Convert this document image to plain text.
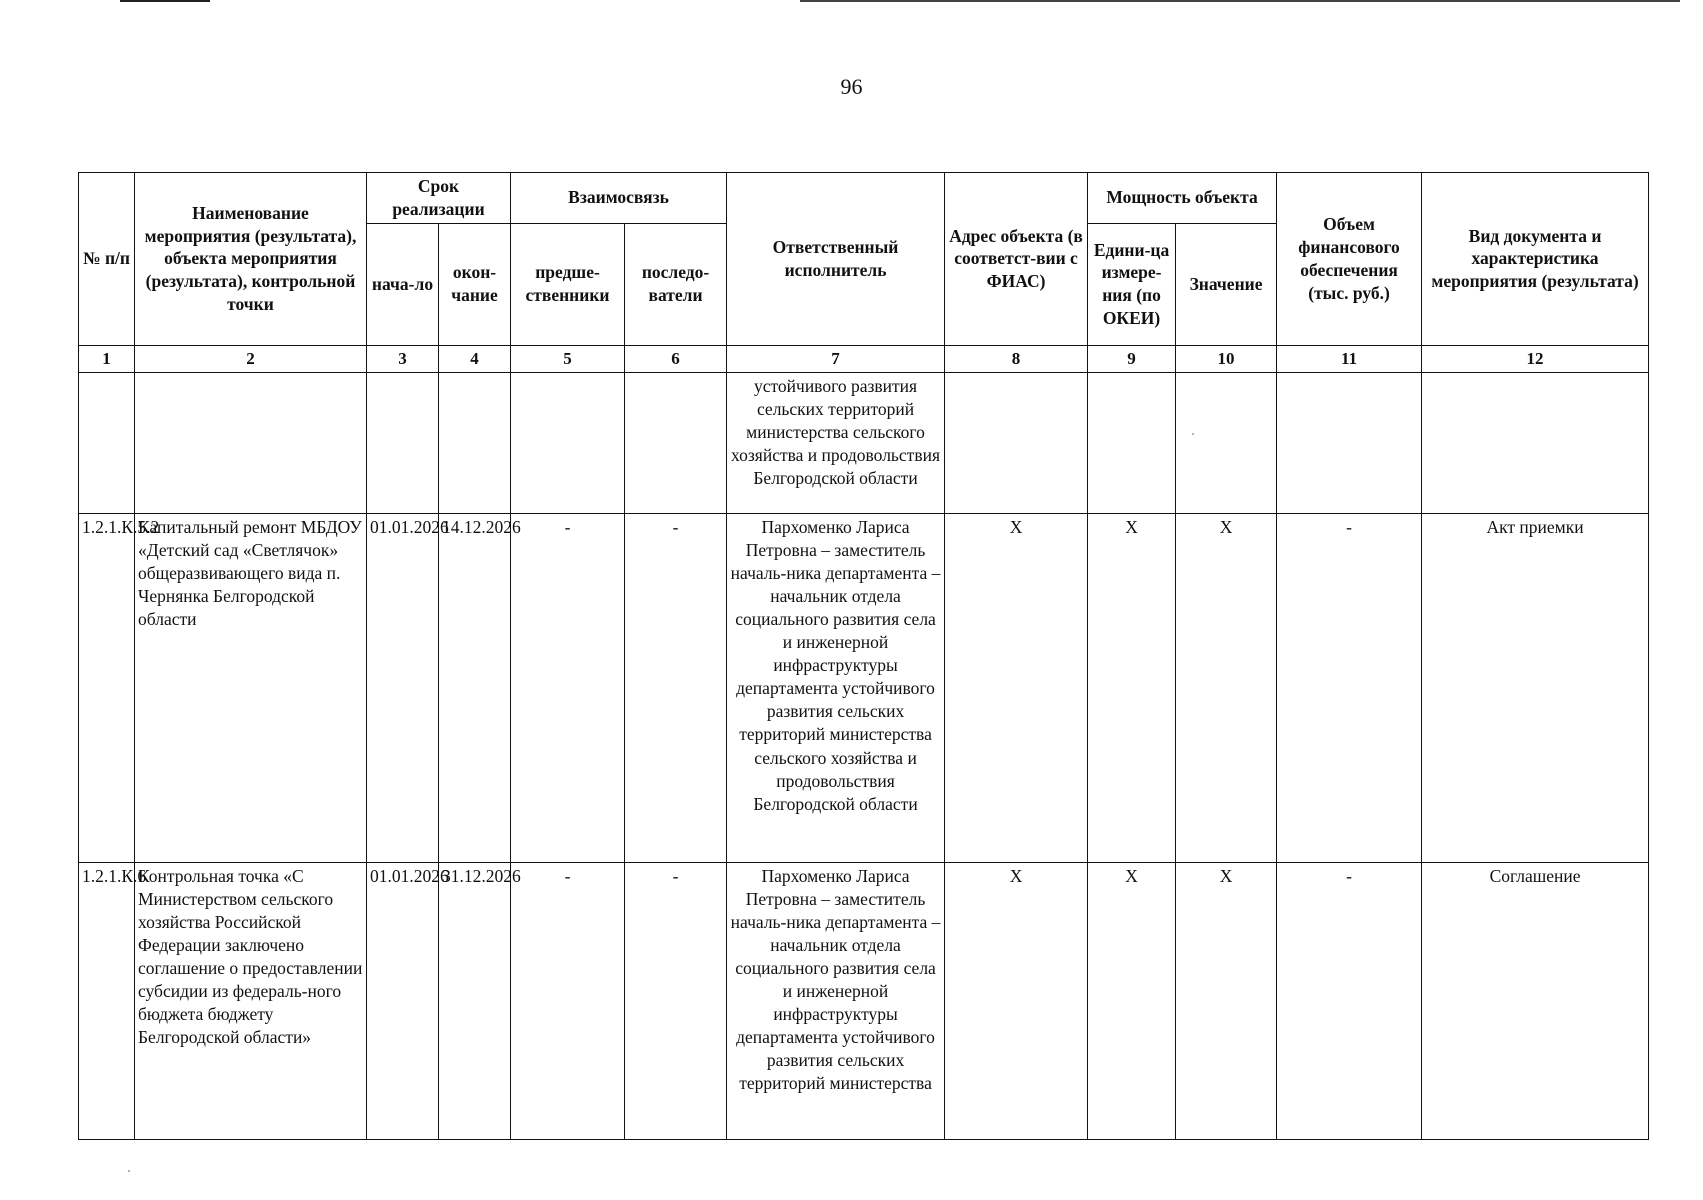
96
№ п/п	Наименование мероприятия (результата), объекта мероприятия (результата), контрольной точки	Срок реализации		Взаимосвязь		Ответственный исполнитель	Адрес объекта (в соответст-вии с ФИАС)	Мощность объекта		Объем финансового обеспечения (тыс. руб.)	Вид документа и характеристика мероприятия (результата)
		нача-ло	окон-чание	предше-ственники	последо-ватели			Едини-ца измере-ния (по ОКЕИ)	Значение		
1	2	3	4	5	6	7	8	9	10	11	12
						устойчивого развития сельских территорий министерства сельского хозяйства и продовольствия Белгородской области					
1.2.1.К.5.2	Капитальный ремонт МБДОУ «Детский сад «Светлячок» общеразвивающего вида п. Чернянка Белгородской области	01.01.2026	14.12.2026	-	-	Пархоменко Лариса Петровна – заместитель началь-ника департамента – начальник отдела социального развития села и инженерной инфраструктуры департамента устойчивого развития сельских территорий министерства сельского хозяйства и продовольствия Белгородской области	X	X	X	-	Акт приемки
1.2.1.К.6	Контрольная точка «С Министерством сельского хозяйства Российской Федерации заключено соглашение о предоставлении субсидии из федераль-ного бюджета бюджету Белгородской области»	01.01.2026	31.12.2026	-	-	Пархоменко Лариса Петровна – заместитель началь-ника департамента – начальник отдела социального развития села и инженерной инфраструктуры департамента устойчивого развития сельских территорий министерства	X	X	X	-	Соглашение
